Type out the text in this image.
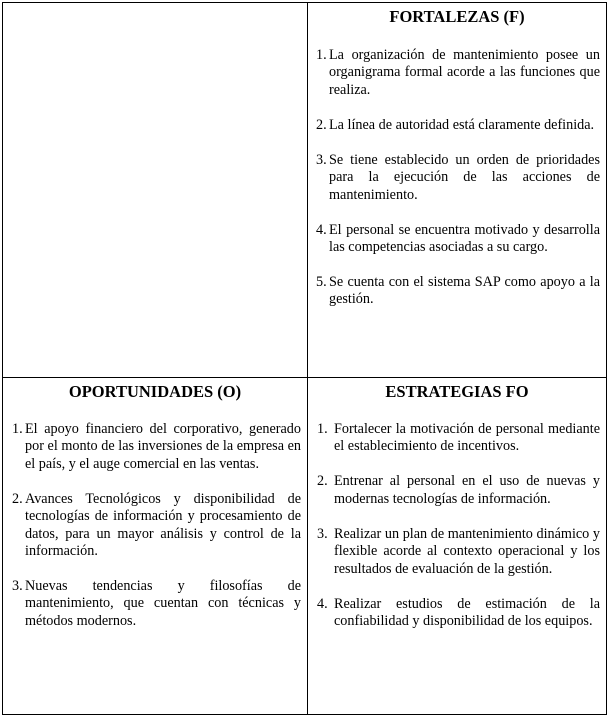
FORTALEZAS (F)
1. La organización de mantenimiento posee un organigrama formal acorde a las funciones que realiza.
2. La línea de autoridad está claramente definida.
3. Se tiene establecido un orden de prioridades para la ejecución de las acciones de mantenimiento.
4. El personal se encuentra motivado y desarrolla las competencias asociadas a su cargo.
5. Se cuenta con el sistema SAP como apoyo a la gestión.
OPORTUNIDADES (O)
1. El apoyo financiero del corporativo, generado por el monto de las inversiones de la empresa en el país, y el auge comercial en las ventas.
2. Avances Tecnológicos y disponibilidad de tecnologías de información y procesamiento de datos, para un mayor análisis y control de la información.
3. Nuevas tendencias y filosofías de mantenimiento, que cuentan con técnicas y métodos modernos.
ESTRATEGIAS FO
1. Fortalecer la motivación de personal mediante el establecimiento de incentivos.
2. Entrenar al personal en el uso de nuevas y modernas tecnologías de información.
3. Realizar un plan de mantenimiento dinámico y flexible acorde al contexto operacional y los resultados de evaluación de la gestión.
4. Realizar estudios de estimación de la confiabilidad y disponibilidad de los equipos.
